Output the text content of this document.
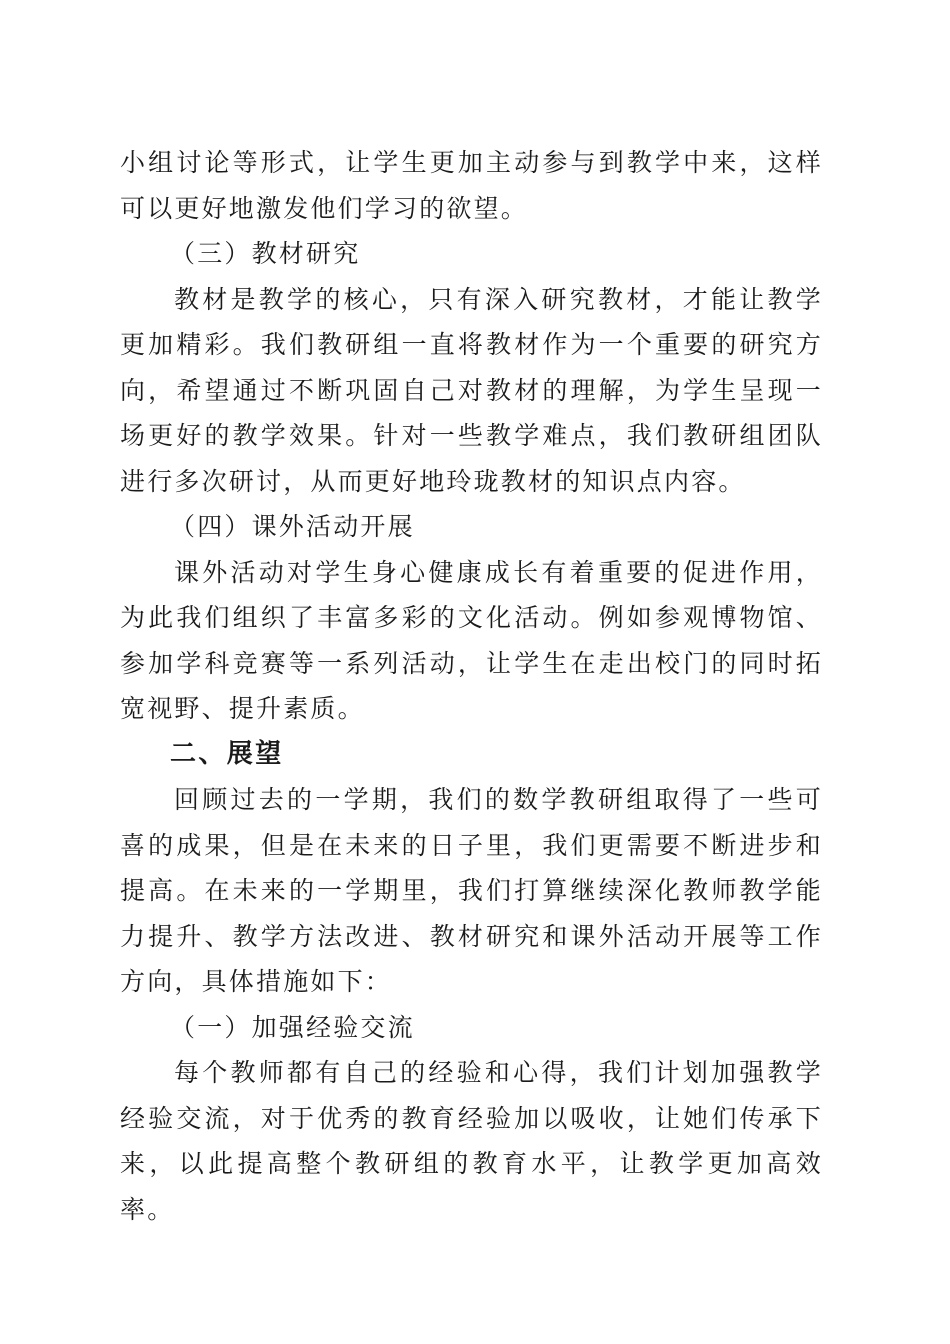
小组讨论等形式，让学生更加主动参与到教学中来，这样可以更好地激发他们学习的欲望。

（三）教材研究

教材是教学的核心，只有深入研究教材，才能让教学更加精彩。我们教研组一直将教材作为一个重要的研究方向，希望通过不断巩固自己对教材的理解，为学生呈现一场更好的教学效果。针对一些教学难点，我们教研组团队进行多次研讨，从而更好地玲珑教材的知识点内容。

（四）课外活动开展

课外活动对学生身心健康成长有着重要的促进作用，为此我们组织了丰富多彩的文化活动。例如参观博物馆、参加学科竞赛等一系列活动，让学生在走出校门的同时拓宽视野、提升素质。

二、展望

回顾过去的一学期，我们的数学教研组取得了一些可喜的成果，但是在未来的日子里，我们更需要不断进步和提高。在未来的一学期里，我们打算继续深化教师教学能力提升、教学方法改进、教材研究和课外活动开展等工作方向，具体措施如下：

（一）加强经验交流

每个教师都有自己的经验和心得，我们计划加强教学经验交流，对于优秀的教育经验加以吸收，让她们传承下来，以此提高整个教研组的教育水平，让教学更加高效率。
